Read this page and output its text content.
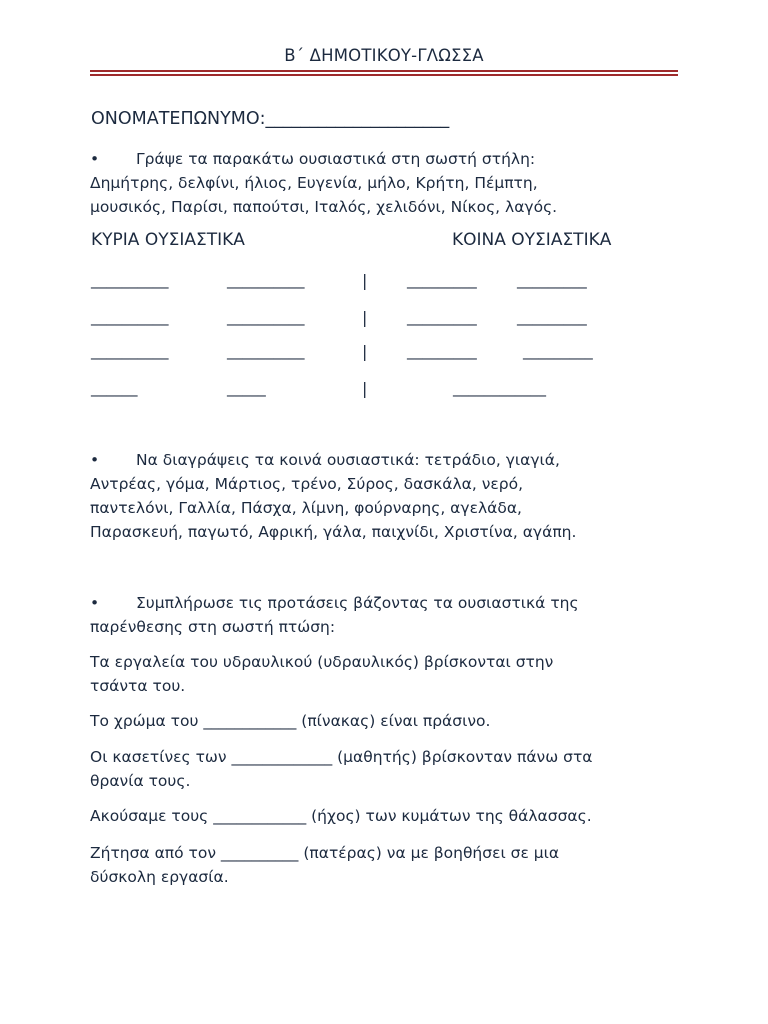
Β΄ ΔΗΜΟΤΙΚΟΥ-ΓΛΩΣΣΑ
ΟΝΟΜΑΤΕΠΩΝΥΜΟ:_____________________
• Γράψε τα παρακάτω ουσιαστικά στη σωστή στήλη:
Δημήτρης, δελφίνι, ήλιος, Ευγενία, μήλο, Κρήτη, Πέμπτη,
μουσικός, Παρίσι, παπούτσι, Ιταλός, χελιδόνι, Νίκος, λαγός.
ΚΥΡΙΑ ΟΥΣΙΑΣΤΙΚΑ	ΚΟΙΝΑ ΟΥΣΙΑΣΤΙΚΑ
__________	__________	|	_________	_________
__________	__________	|	_________	_________
__________	__________	|	_________	_________
______	_____	|	____________
• Να διαγράψεις τα κοινά ουσιαστικά: τετράδιο, γιαγιά,
Αντρέας, γόμα, Μάρτιος, τρένο, Σύρος, δασκάλα, νερό,
παντελόνι, Γαλλία, Πάσχα, λίμνη, φούρναρης, αγελάδα,
Παρασκευή, παγωτό, Αφρική, γάλα, παιχνίδι, Χριστίνα, αγάπη.
• Συμπλήρωσε τις προτάσεις βάζοντας τα ουσιαστικά της
παρένθεσης στη σωστή πτώση:
Τα εργαλεία του υδραυλικού (υδραυλικός) βρίσκονται στην
τσάντα του.
Το χρώμα του ____________ (πίνακας) είναι πράσινο.
Οι κασετίνες των _____________ (μαθητής) βρίσκονταν πάνω στα
θρανία τους.
Ακούσαμε τους ____________ (ήχος) των κυμάτων της θάλασσας.
Ζήτησα από τον __________ (πατέρας) να με βοηθήσει σε μια
δύσκολη εργασία.
